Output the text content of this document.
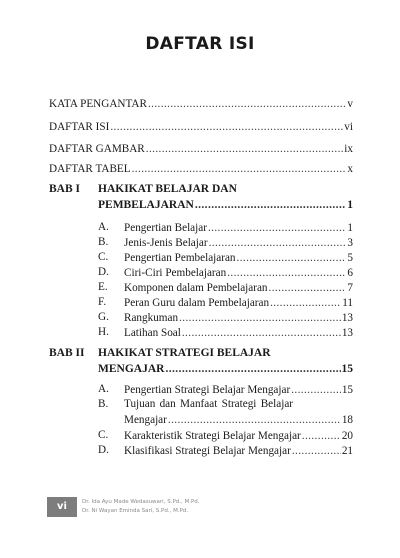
DAFTAR ISI
KATA PENGANTAR .....	v
DAFTAR ISI .....	vi
DAFTAR GAMBAR .....	ix
DAFTAR TABEL .....	x
BAB I HAKIKAT BELAJAR DAN
PEMBELAJARAN .....	1
A. Pengertian Belajar .....	1
B. Jenis-Jenis Belajar .....	3
C. Pengertian Pembelajaran .....	5
D. Ciri-Ciri Pembelajaran .....	6
E. Komponen dalam Pembelajaran .....	7
F. Peran Guru dalam Pembelajaran .....	11
G. Rangkuman .....	13
H. Latihan Soal .....	13
BAB II HAKIKAT STRATEGI BELAJAR
MENGAJAR .....	15
A. Pengertian Strategi Belajar Mengajar .....	15
B. Tujuan dan Manfaat Strategi Belajar
Mengajar .....	18
C. Karakteristik Strategi Belajar Mengajar .....	20
D. Klasifikasi Strategi Belajar Mengajar .....	21
vi	Dr. Ida Ayu Made Wedasuwari, S.Pd., M.Pd.
Dr. Ni Wayan Eminda Sari, S.Pd., M.Pd.
